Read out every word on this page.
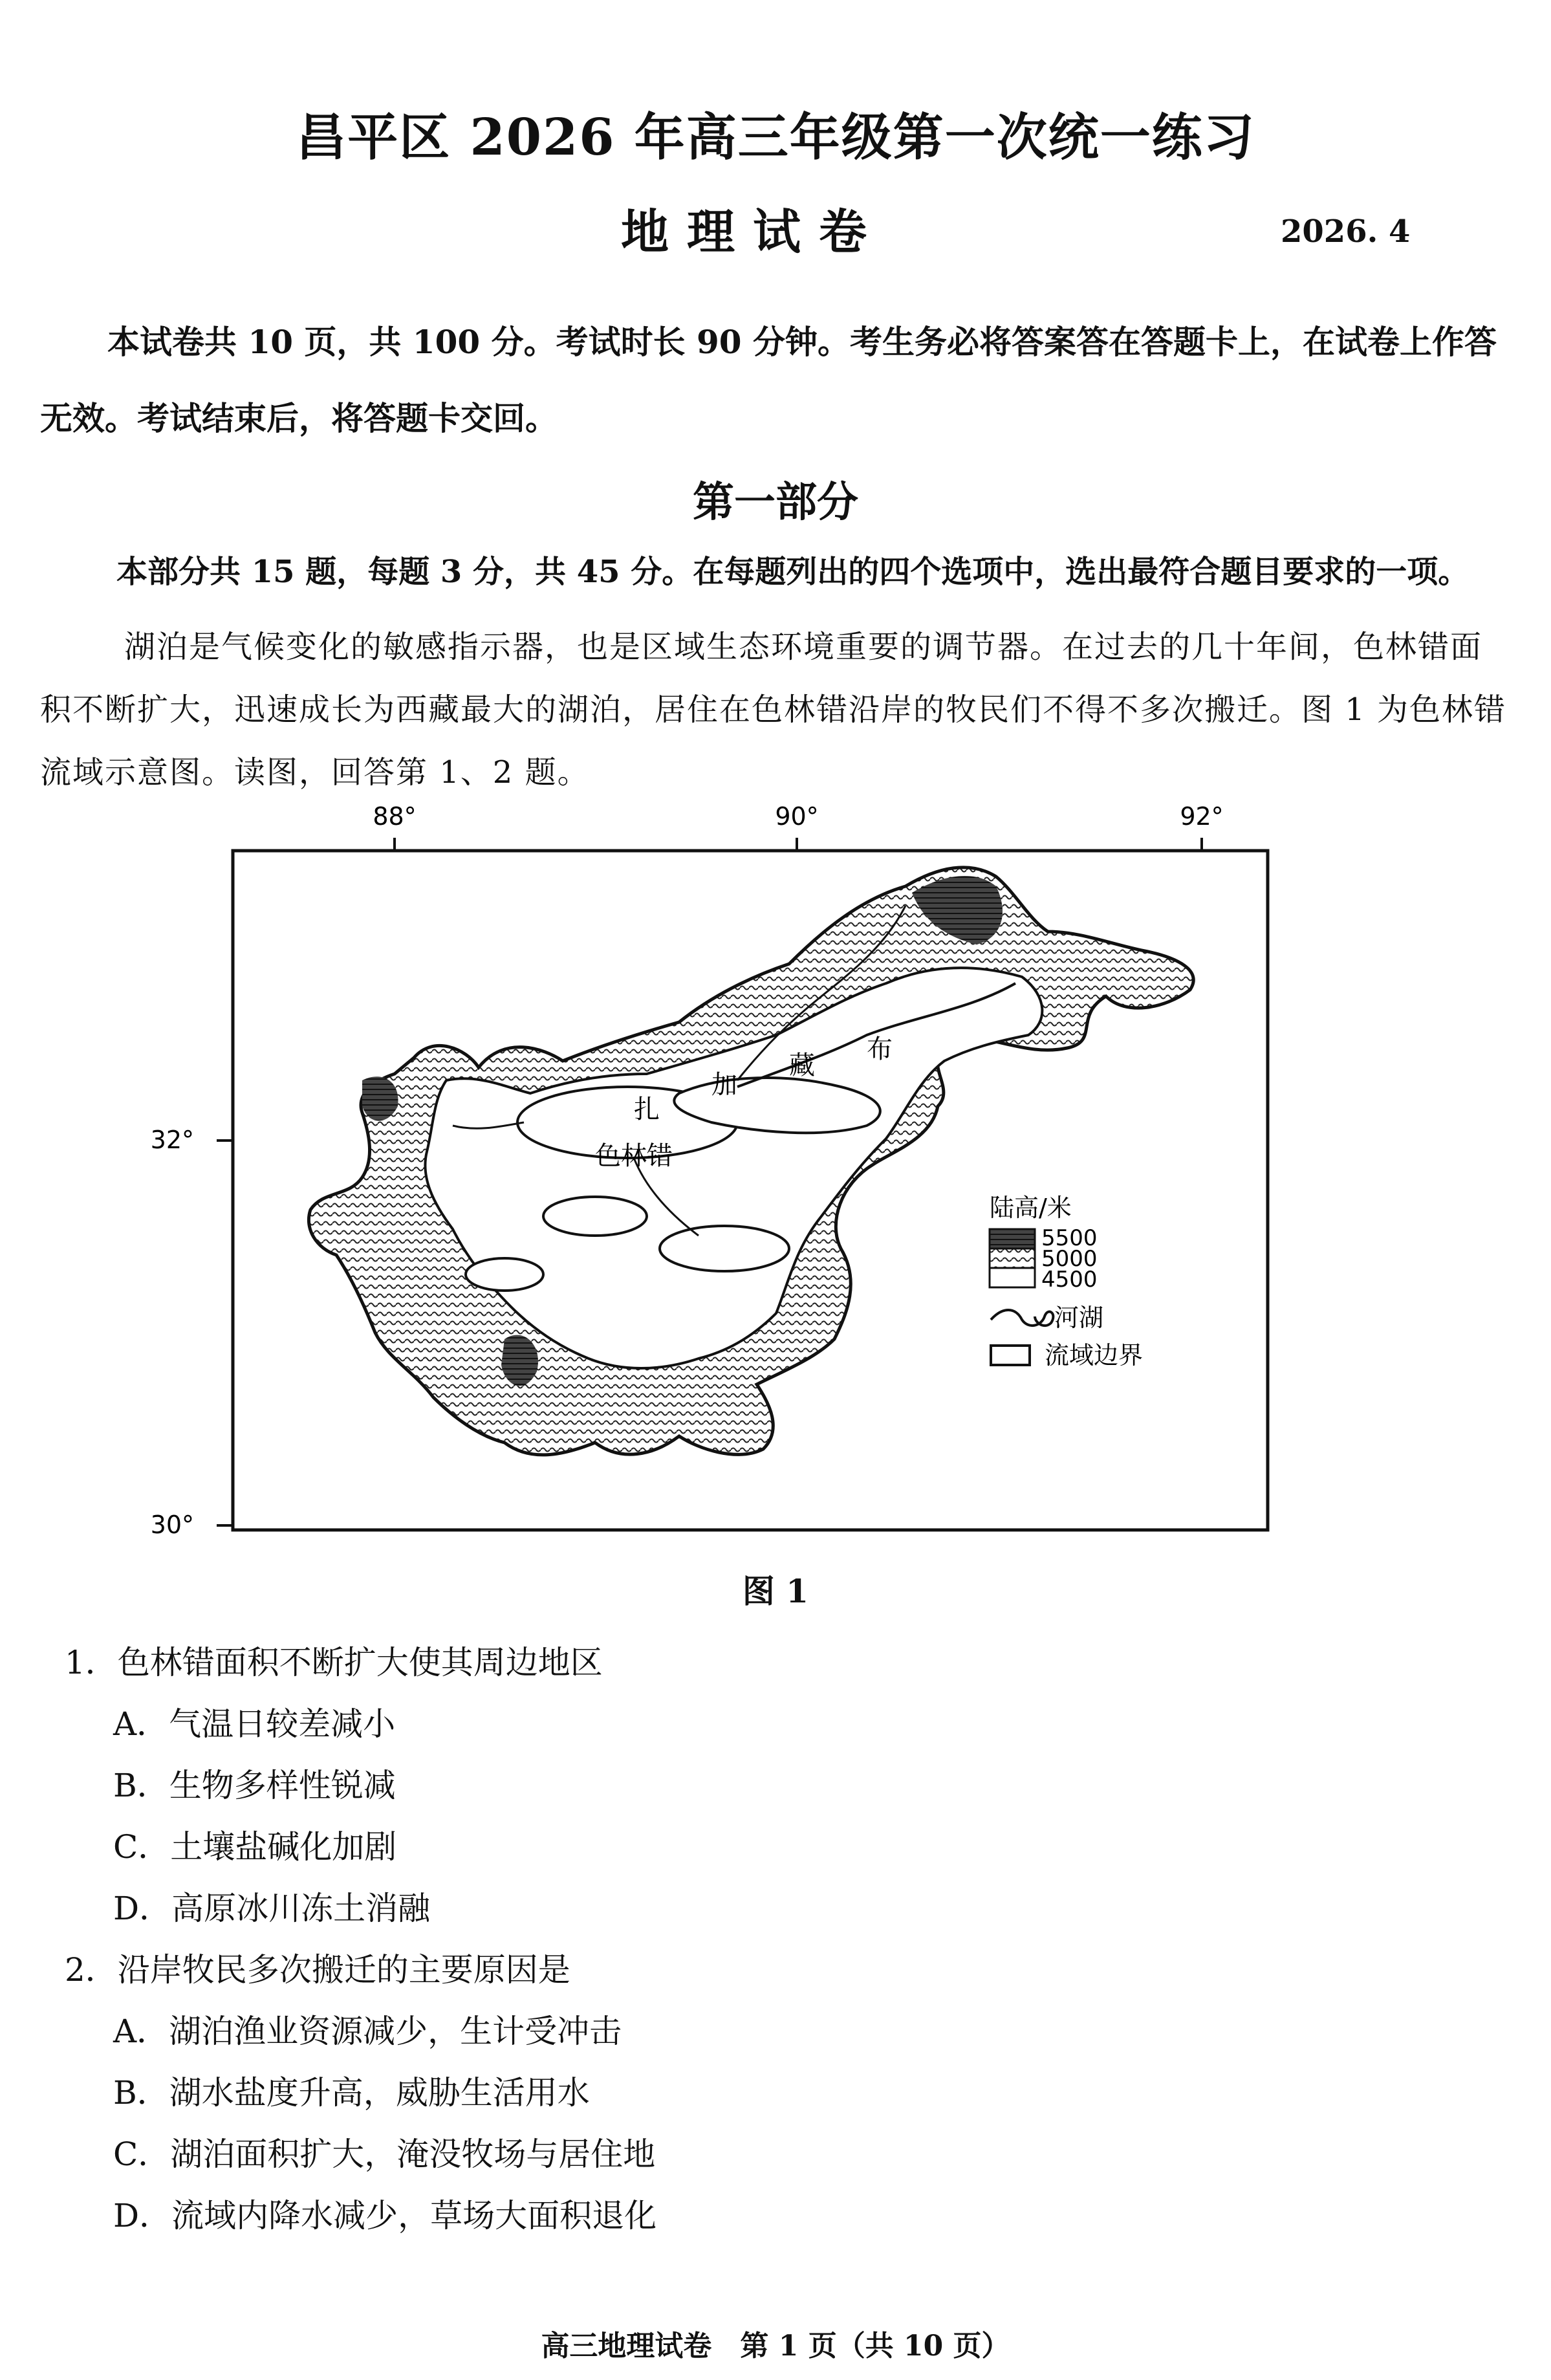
昌平区 2026 年高三年级第一次统一练习
地理试卷	2026. 4
本试卷共 10 页，共 100 分。考试时长 90 分钟。考生务必将答案答在答题卡上，在试卷上作答无效。考试结束后，将答题卡交回。
第一部分
本部分共 15 题，每题 3 分，共 45 分。在每题列出的四个选项中，选出最符合题目要求的一项。
湖泊是气候变化的敏感指示器，也是区域生态环境重要的调节器。在过去的几十年间，色林错面积不断扩大，迅速成长为西藏最大的湖泊，居住在色林错沿岸的牧民们不得不多次搬迁。图 1 为色林错流域示意图。读图，回答第 1、2 题。
88°	90°	92°
32°
30°
扎
加
藏
布
色林错
陆高/米
5500
5000
4500
河湖
流域边界
图 1
1．色林错面积不断扩大使其周边地区
A．气温日较差减小
B．生物多样性锐减
C．土壤盐碱化加剧
D．高原冰川冻土消融
2．沿岸牧民多次搬迁的主要原因是
A．湖泊渔业资源减少，生计受冲击
B．湖水盐度升高，威胁生活用水
C．湖泊面积扩大，淹没牧场与居住地
D．流域内降水减少，草场大面积退化
高三地理试卷　第 1 页（共 10 页）
